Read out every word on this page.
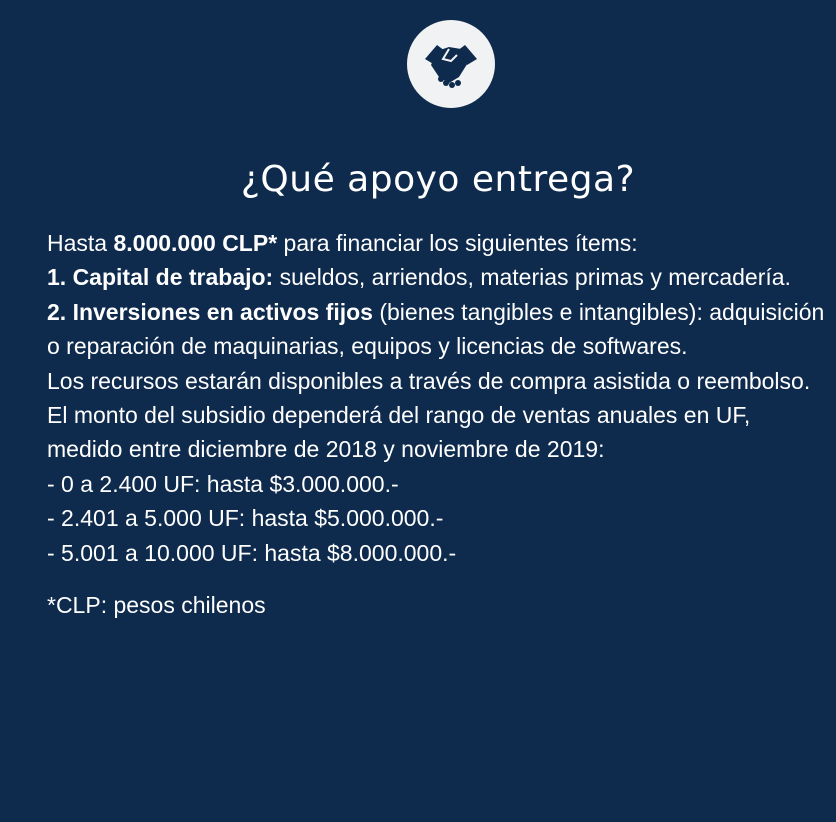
¿Qué apoyo entrega?

Hasta 8.000.000 CLP* para financiar los siguientes ítems:

1. Capital de trabajo: sueldos, arriendos, materias primas y mercadería.

2. Inversiones en activos fijos (bienes tangibles e intangibles): adquisición o reparación de maquinarias, equipos y licencias de softwares.

Los recursos estarán disponibles a través de compra asistida o reembolso.

El monto del subsidio dependerá del rango de ventas anuales en UF, medido entre diciembre de 2018 y noviembre de 2019:

- 0 a 2.400 UF: hasta $3.000.000.-

- 2.401 a 5.000 UF: hasta $5.000.000.-

- 5.001 a 10.000 UF: hasta $8.000.000.-

*CLP: pesos chilenos
